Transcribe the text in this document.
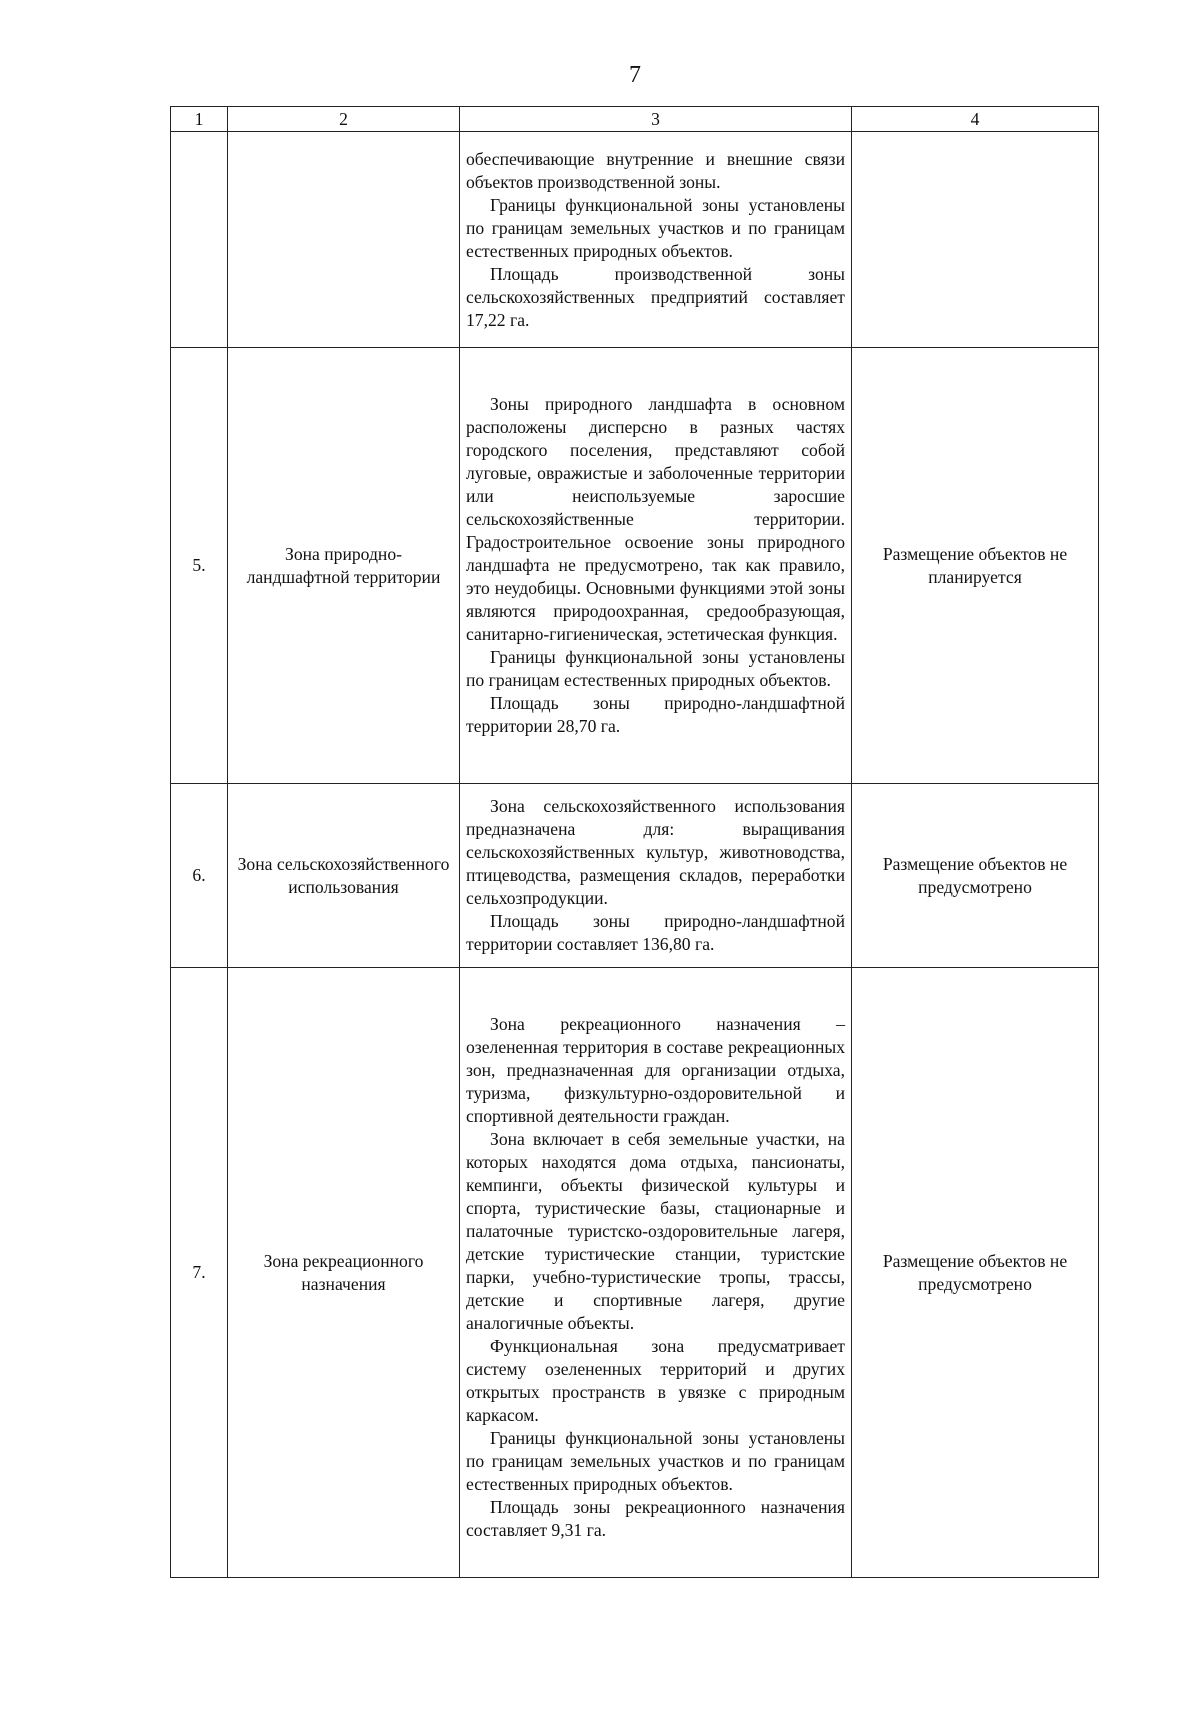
7
1	2	3	4

		обеспечивающие внутренние и внешние связи объектов производственной зоны.

Границы функциональной зоны установлены по границам земельных участков и по границам естественных природных объектов.

Площадь производственной зоны сельскохозяйственных предприятий составляет 17,22 га.	

5.	Зона природно-ландшафтной территории	Зоны природного ландшафта в основном расположены дисперсно в разных частях городского поселения, представляют собой луговые, овражистые и заболоченные территории или неиспользуемые заросшие сельскохозяйственные территории. Градостроительное освоение зоны природного ландшафта не предусмотрено, так как правило, это неудобицы. Основными функциями этой зоны являются природоохранная, средообразующая, санитарно-гигиеническая, эстетическая функция.

Границы функциональной зоны установлены по границам естественных природных объектов.

Площадь зоны природно-ландшафтной территории 28,70 га.	Размещение объектов не планируется
6.	Зона сельскохозяйственного использования	Зона сельскохозяйственного использования предназначена для: выращивания сельскохозяйственных культур, животноводства, птицеводства, размещения складов, переработки сельхозпродукции.

Площадь зоны природно-ландшафтной территории составляет 136,80 га.	Размещение объектов не предусмотрено
7.	Зона рекреационного назначения	Зона рекреационного назначения – озелененная территория в составе рекреационных зон, предназначенная для организации отдыха, туризма, физкультурно-оздоровительной и спортивной деятельности граждан.

Зона включает в себя земельные участки, на которых находятся дома отдыха, пансионаты, кемпинги, объекты физической культуры и спорта, туристические базы, стационарные и палаточные туристско-оздоровительные лагеря, детские туристические станции, туристские парки, учебно-туристические тропы, трассы, детские и спортивные лагеря, другие аналогичные объекты.

Функциональная зона предусматривает систему озелененных территорий и других открытых пространств в увязке с природным каркасом.

Границы функциональной зоны установлены по границам земельных участков и по границам естественных природных объектов.

Площадь зоны рекреационного назначения составляет 9,31 га.	Размещение объектов не предусмотрено
